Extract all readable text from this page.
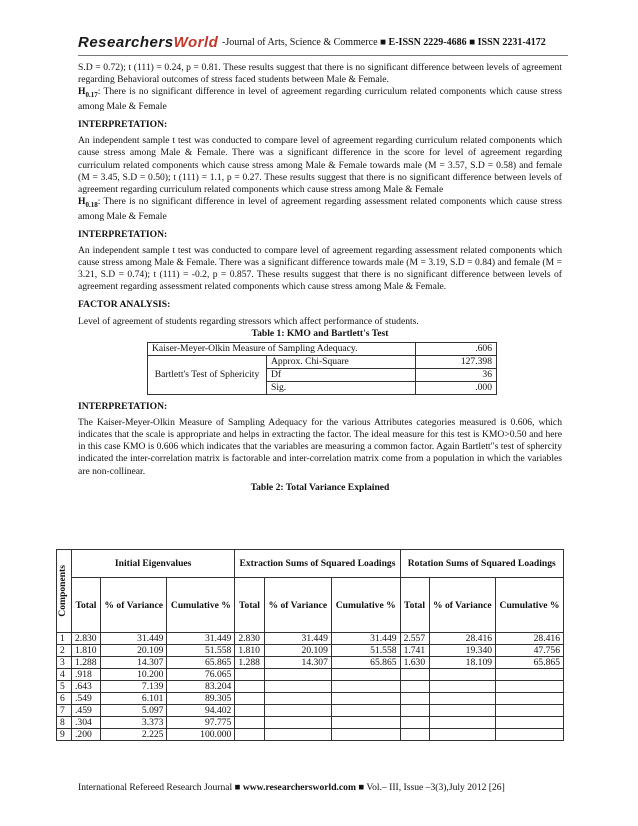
ResearchersWorld -Journal of Arts, Science & Commerce ■ E-ISSN 2229-4686 ■ ISSN 2231-4172

S.D = 0.72); t (111) = 0.24, p = 0.81. These results suggest that there is no significant difference between levels of agreement regarding Behavioral outcomes of stress faced students between Male & Female.

$H_{0.17}$: There is no significant difference in level of agreement regarding curriculum related components which cause stress among Male & Female

INTERPRETATION:

An independent sample t test was conducted to compare level of agreement regarding curriculum related components which cause stress among Male & Female. There was a significant difference in the score for level of agreement regarding curriculum related components which cause stress among Male & Female towards male (M = 3.57, S.D = 0.58) and female (M = 3.45, S.D = 0.50); t (111) = 1.1, p = 0.27. These results suggest that there is no significant difference between levels of agreement regarding curriculum related components which cause stress among Male & Female

$H_{0.18}$: There is no significant difference in level of agreement regarding assessment related components which cause stress among Male & Female

INTERPRETATION:

An independent sample t test was conducted to compare level of agreement regarding assessment related components which cause stress among Male & Female. There was a significant difference towards male (M = 3.19, S.D = 0.84) and female (M = 3.21, S.D = 0.74); t (111) = -0.2, p = 0.857. These results suggest that there is no significant difference between levels of agreement regarding assessment related components which cause stress among Male & Female.

FACTOR ANALYSIS:

Level of agreement of students regarding stressors which affect performance of students.

Table 1: KMO and Bartlett's Test

Kaiser-Meyer-Olkin Measure of Sampling Adequacy.		.606
Bartlett's Test of Sphericity	Approx. Chi-Square	127.398
	Df	36
	Sig.	.000

INTERPRETATION:

The Kaiser-Meyer-Olkin Measure of Sampling Adequacy for the various Attributes categories measured is 0.606, which indicates that the scale is appropriate and helps in extracting the factor. The ideal measure for this test is KMO>0.50 and here in this case KMO is 0.606 which indicates that the variables are measuring a common factor. Again Bartlett"s test of sphercity indicated the inter-correlation matrix is factorable and inter-correlation matrix come from a population in which the variables are non-collinear.

Table 2: Total Variance Explained

Components	Initial Eigenvalues			Extraction Sums of Squared Loadings			Rotation Sums of Squared Loadings		
	Total	% of Variance	Cumulative %	Total	% of Variance	Cumulative %	Total	% of Variance	Cumulative %
1	2.830	31.449	31.449	2.830	31.449	31.449	2.557	28.416	28.416
2	1.810	20.109	51.558	1.810	20.109	51.558	1.741	19.340	47.756
3	1.288	14.307	65.865	1.288	14.307	65.865	1.630	18.109	65.865
4	.918	10.200	76.065						
5	.643	7.139	83.204						
6	.549	6.101	89.305						
7	.459	5.097	94.402						
8	.304	3.373	97.775						
9	.200	2.225	100.000						
International Refereed Research Journal ■ www.researchersworld.com ■ Vol.– III, Issue –3(3),July 2012 [26]
